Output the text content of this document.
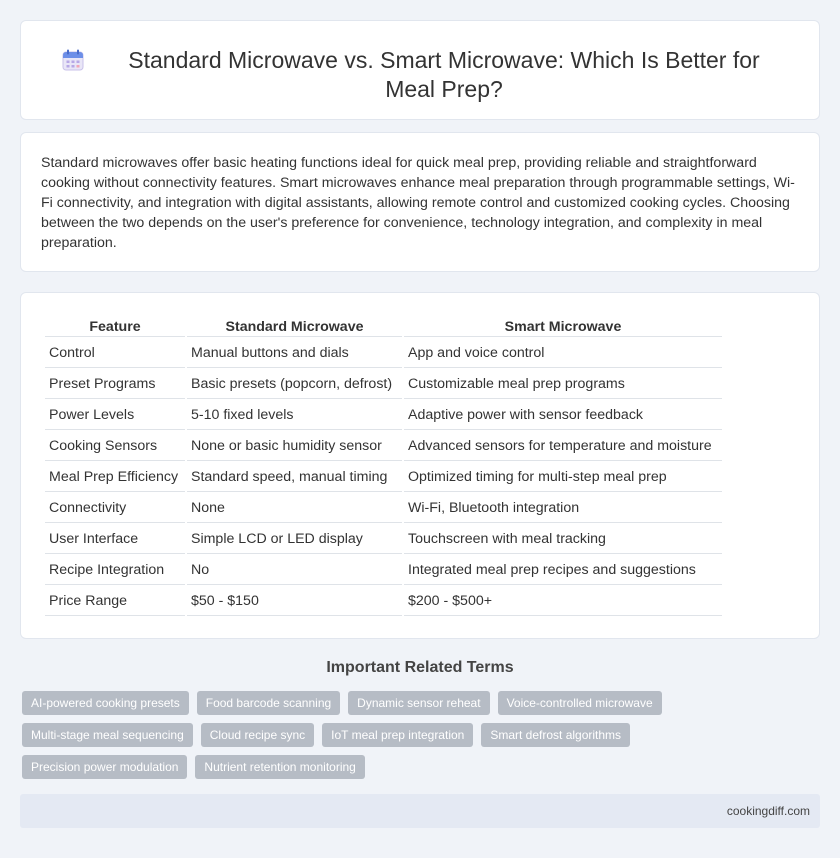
Standard Microwave vs. Smart Microwave: Which Is Better for Meal Prep?

Standard microwaves offer basic heating functions ideal for quick meal prep, providing reliable and straightforward cooking without connectivity features. Smart microwaves enhance meal preparation through programmable settings, Wi-Fi connectivity, and integration with digital assistants, allowing remote control and customized cooking cycles. Choosing between the two depends on the user's preference for convenience, technology integration, and complexity in meal preparation.

Feature	Standard Microwave	Smart Microwave
Control	Manual buttons and dials	App and voice control
Preset Programs	Basic presets (popcorn, defrost)	Customizable meal prep programs
Power Levels	5-10 fixed levels	Adaptive power with sensor feedback
Cooking Sensors	None or basic humidity sensor	Advanced sensors for temperature and moisture
Meal Prep Efficiency	Standard speed, manual timing	Optimized timing for multi-step meal prep
Connectivity	None	Wi-Fi, Bluetooth integration
User Interface	Simple LCD or LED display	Touchscreen with meal tracking
Recipe Integration	No	Integrated meal prep recipes and suggestions
Price Range	$50 - $150	$200 - $500+
Important Related Terms
AI-powered cooking presets	Food barcode scanning	Dynamic sensor reheat	Voice-controlled microwave
Multi-stage meal sequencing	Cloud recipe sync	IoT meal prep integration	Smart defrost algorithms
Precision power modulation	Nutrient retention monitoring
cookingdiff.com
